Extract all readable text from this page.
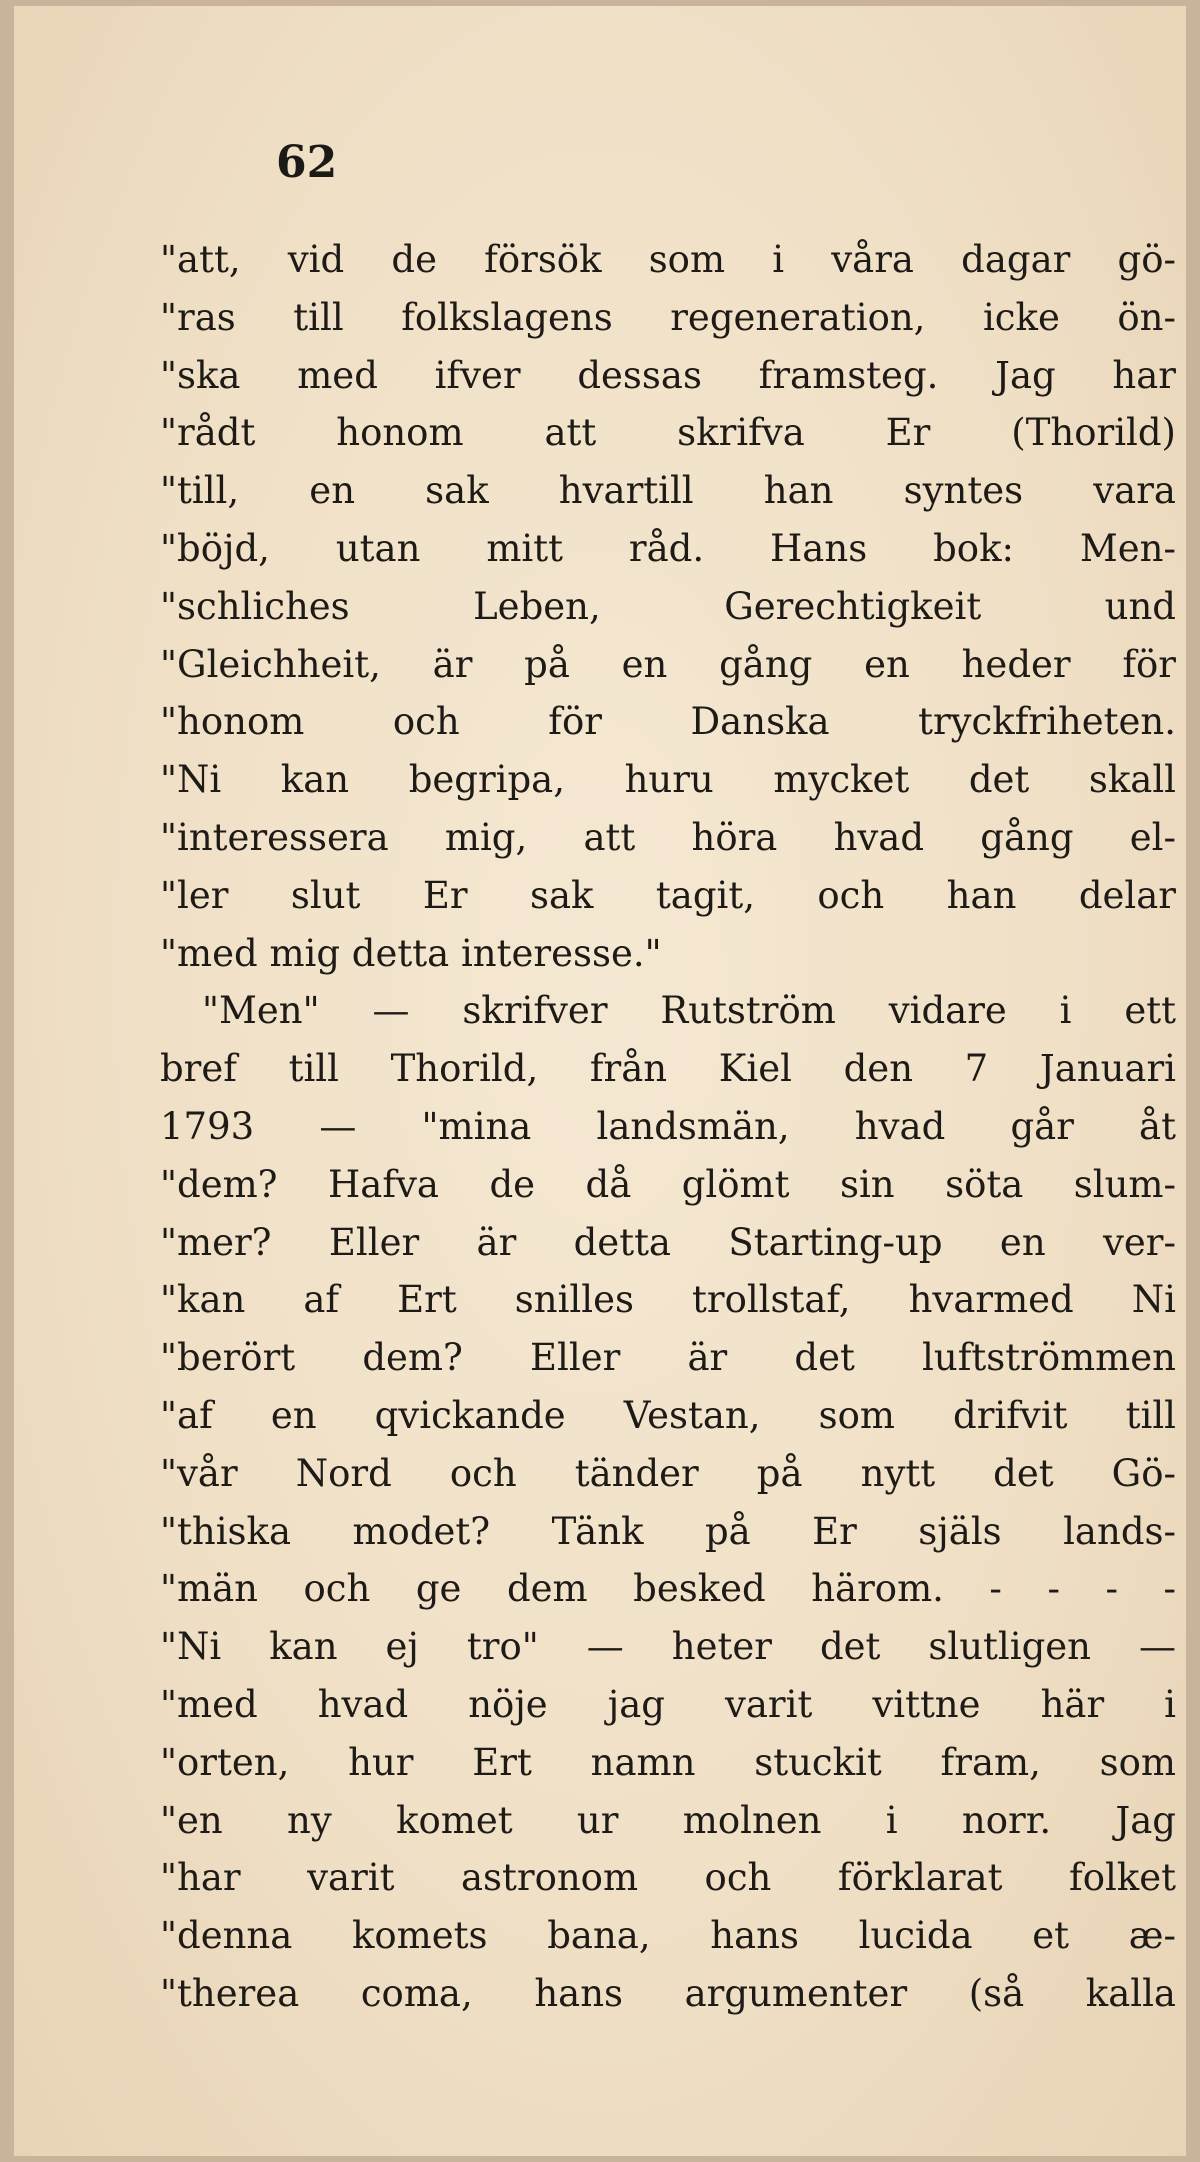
62
"att, vid de försök som i våra dagar gö-
"ras till folkslagens regeneration, icke ön-
"ska med ifver dessas framsteg. Jag har
"rådt honom att skrifva Er (Thorild)
"till, en sak hvartill han syntes vara
"böjd, utan mitt råd. Hans bok: Men-
"schliches Leben, Gerechtigkeit und
"Gleichheit, är på en gång en heder för
"honom och för Danska tryckfriheten.
"Ni kan begripa, huru mycket det skall
"interessera mig, att höra hvad gång el-
"ler slut Er sak tagit, och han delar
"med mig detta interesse."
"Men" — skrifver Rutström vidare i ett
bref till Thorild, från Kiel den 7 Januari
1793 — "mina landsmän, hvad går åt
"dem? Hafva de då glömt sin söta slum-
"mer? Eller är detta Starting-up en ver-
"kan af Ert snilles trollstaf, hvarmed Ni
"berört dem? Eller är det luftströmmen
"af en qvickande Vestan, som drifvit till
"vår Nord och tänder på nytt det Gö-
"thiska modet? Tänk på Er själs lands-
"män och ge dem besked härom. - - - -
"Ni kan ej tro" — heter det slutligen —
"med hvad nöje jag varit vittne här i
"orten, hur Ert namn stuckit fram, som
"en ny komet ur molnen i norr. Jag
"har varit astronom och förklarat folket
"denna komets bana, hans lucida et æ-
"therea coma, hans argumenter (så kalla
